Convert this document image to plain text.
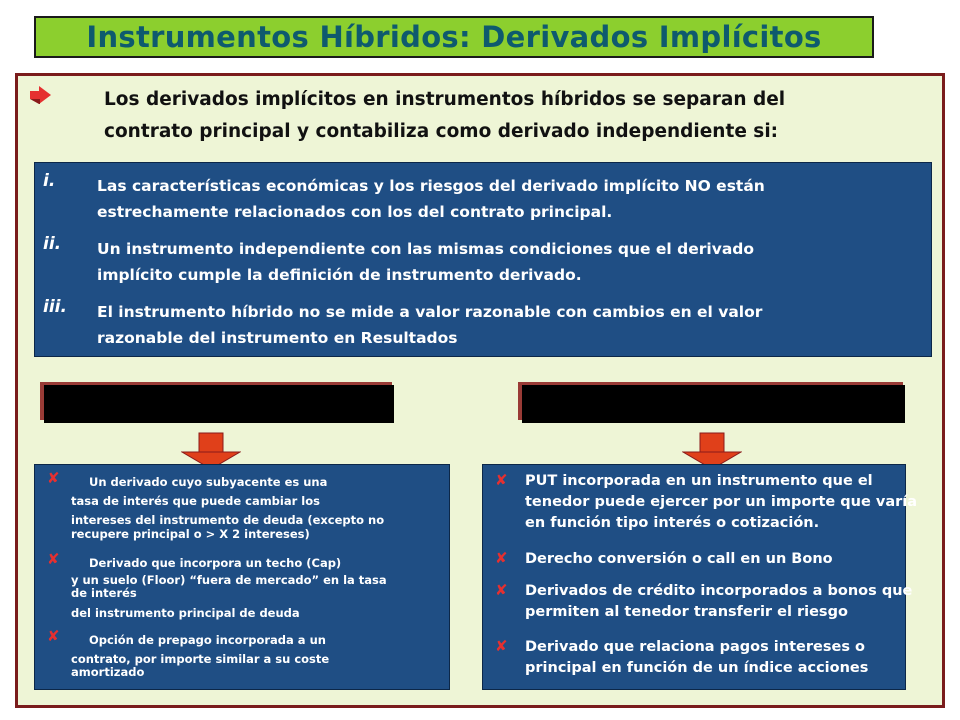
Instrumentos Híbridos: Derivados Implícitos
Los derivados implícitos en instrumentos híbridos se separan del
contrato principal y contabiliza como derivado independiente si:
i.	Las características económicas y los riesgos del derivado implícito NO están
estrechamente relacionados con los del contrato principal.
ii. Un instrumento independiente con las mismas condiciones que el derivado
implícito cumple la definición de instrumento derivado.
iii. El instrumento híbrido no se mide a valor razonable con cambios en el valor
razonable del instrumento en Resultados
✘	Un derivado cuyo subyacente es una
tasa de interés que puede cambiar los
intereses del instrumento de deuda (excepto no
recupere principal o > X 2 intereses)
✘	Derivado que incorpora un techo (Cap)
y un suelo (Floor) “fuera de mercado” en la tasa
de interés
del instrumento principal de deuda
✘	Opción de prepago incorporada a un
contrato, por importe similar a su coste
amortizado
✘ PUT incorporada en un instrumento que el tenedor puede ejercer por un importe que varía en función tipo interés o cotización.
✘ Derecho conversión o call en un Bono
✘ Derivados de crédito incorporados a bonos que permiten al tenedor transferir el riesgo
✘ Derivado que relaciona pagos intereses o principal en función de un índice acciones
